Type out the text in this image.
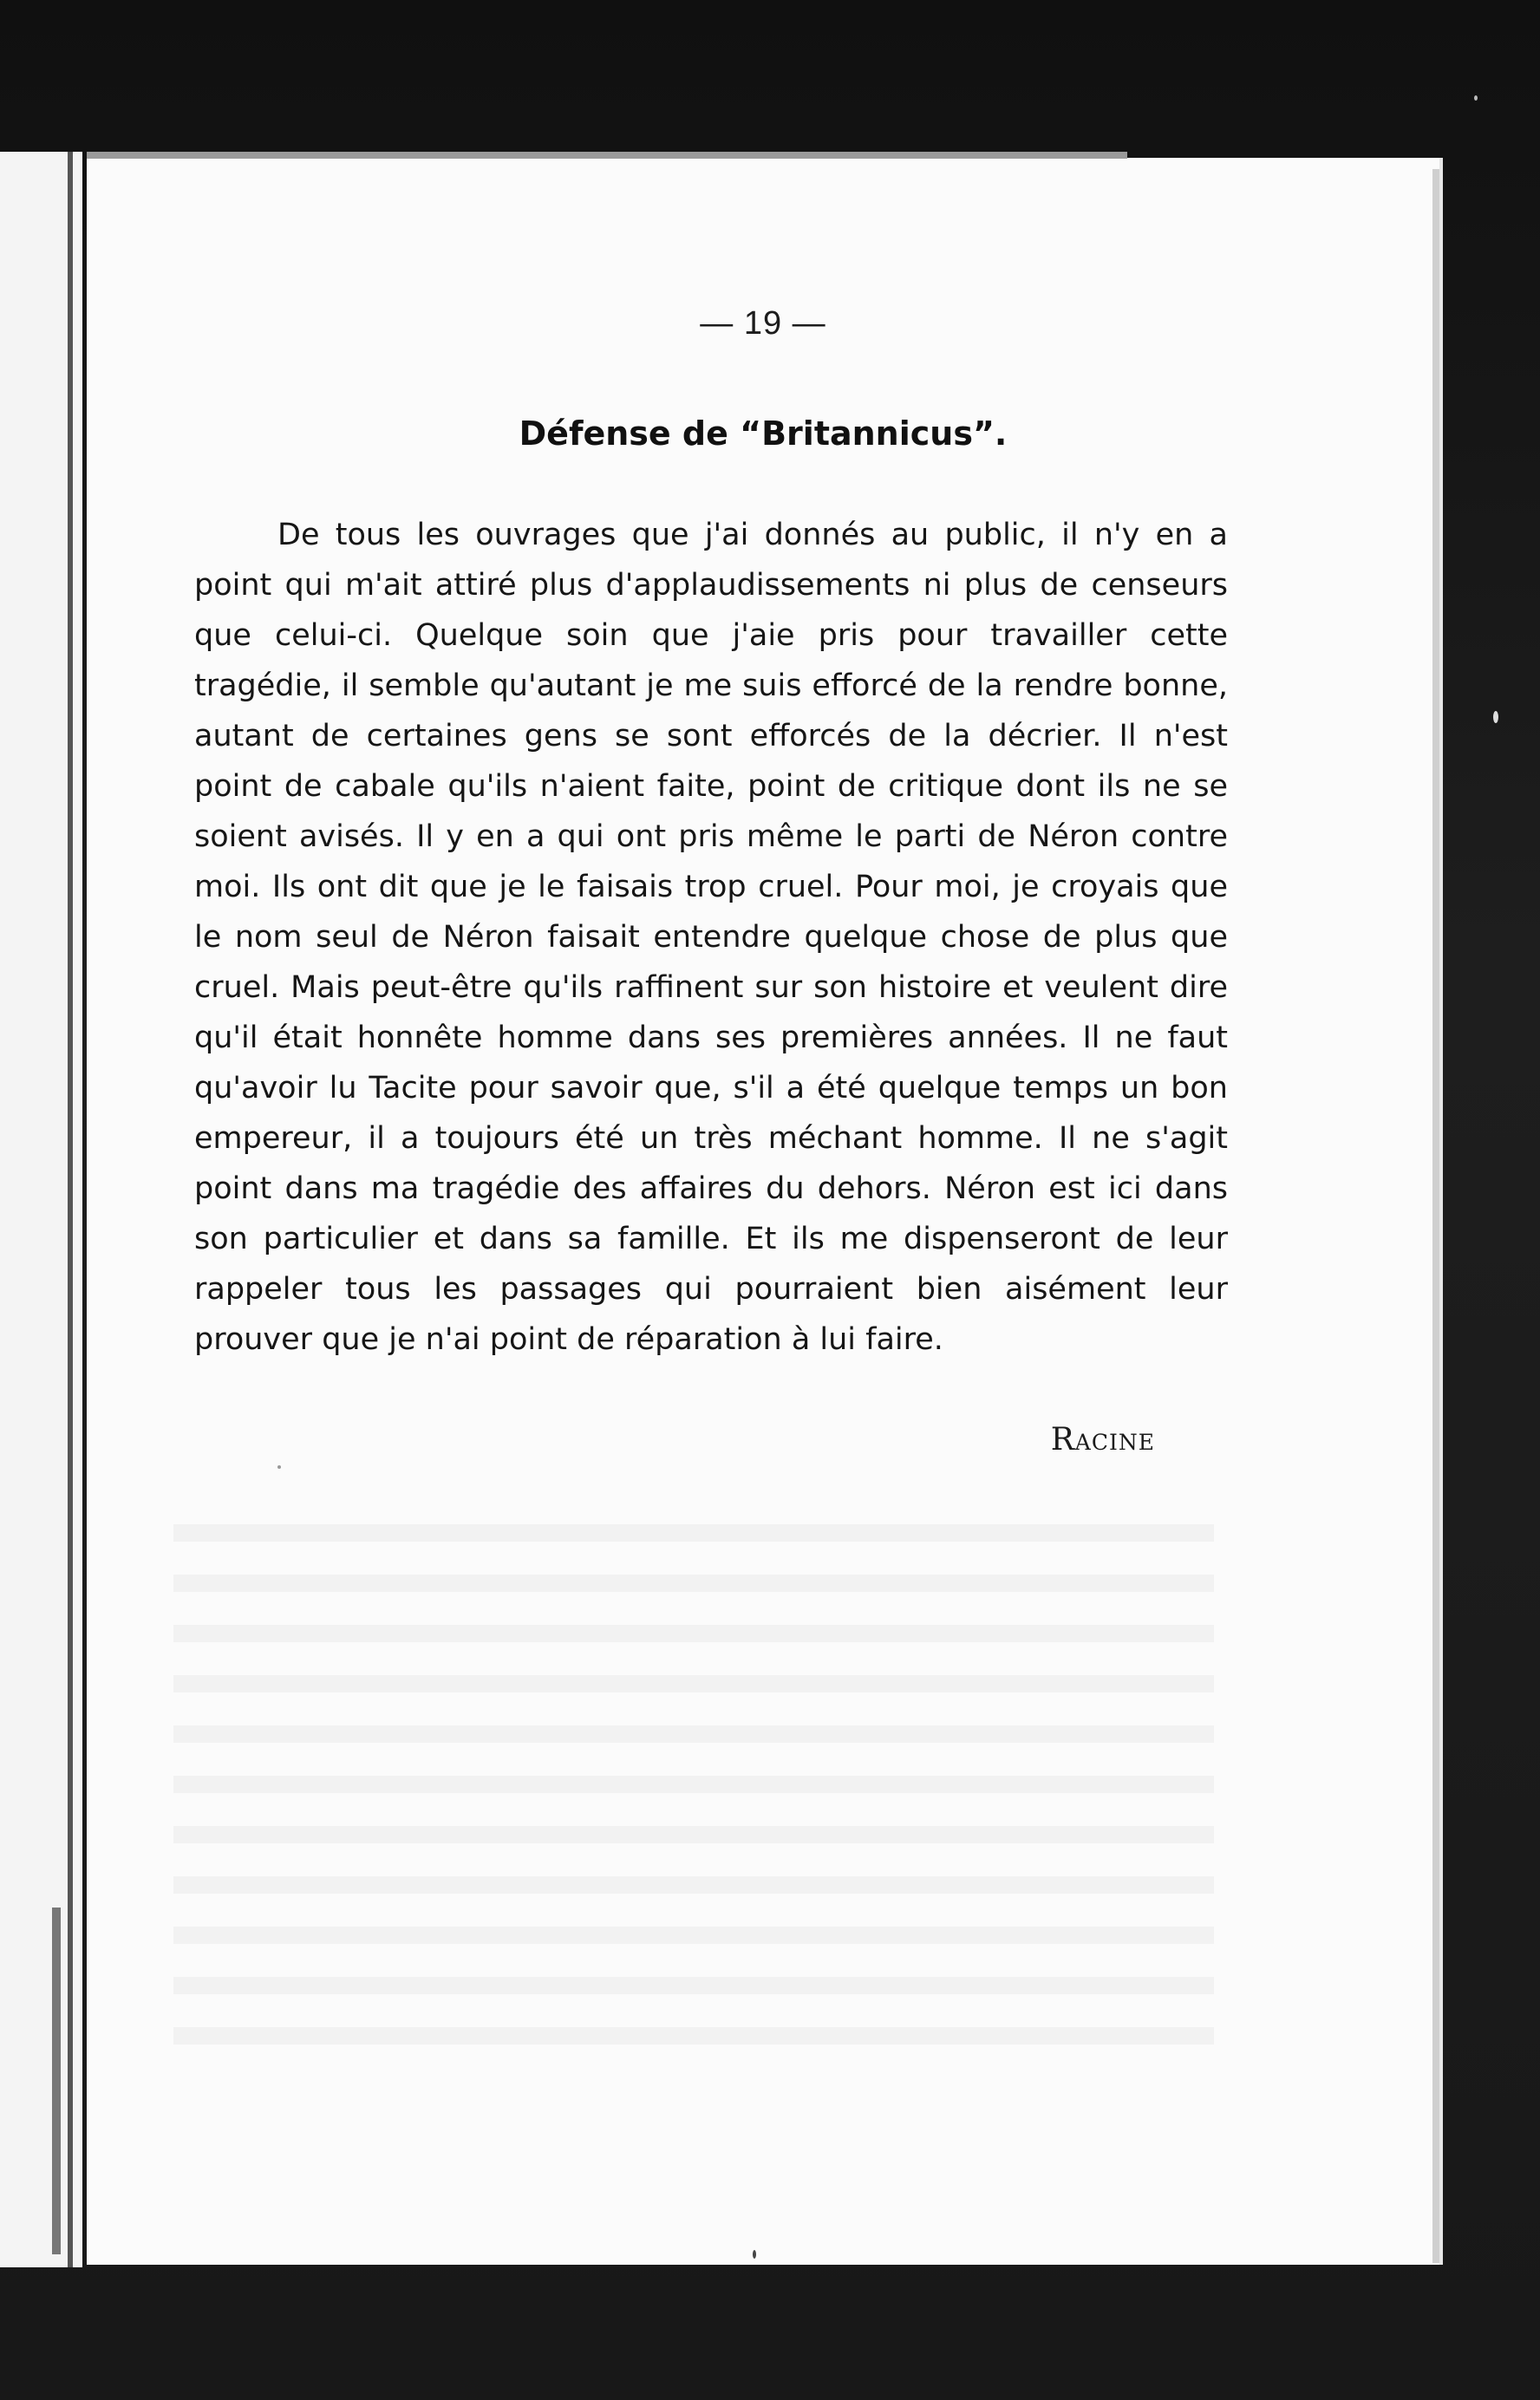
— 19 —
Défense de “Britannicus”.
De tous les ouvrages que j'ai donnés au public, il n'y en a point qui m'ait attiré plus d'applaudissements ni plus de censeurs que celui-ci. Quelque soin que j'aie pris pour travailler cette tragédie, il semble qu'autant je me suis efforcé de la rendre bonne, autant de certaines gens se sont efforcés de la décrier. Il n'est point de cabale qu'ils n'aient faite, point de critique dont ils ne se soient avisés. Il y en a qui ont pris même le parti de Néron contre moi. Ils ont dit que je le faisais trop cruel. Pour moi, je croyais que le nom seul de Néron faisait entendre quelque chose de plus que cruel. Mais peut-être qu'ils raffinent sur son histoire et veulent dire qu'il était honnête homme dans ses premières années. Il ne faut qu'avoir lu Tacite pour savoir que, s'il a été quelque temps un bon empereur, il a toujours été un très méchant homme. Il ne s'agit point dans ma tragédie des affaires du dehors. Néron est ici dans son particulier et dans sa famille. Et ils me dispenseront de leur rappeler tous les passages qui pourraient bien aisément leur prouver que je n'ai point de réparation à lui faire.
Racine
